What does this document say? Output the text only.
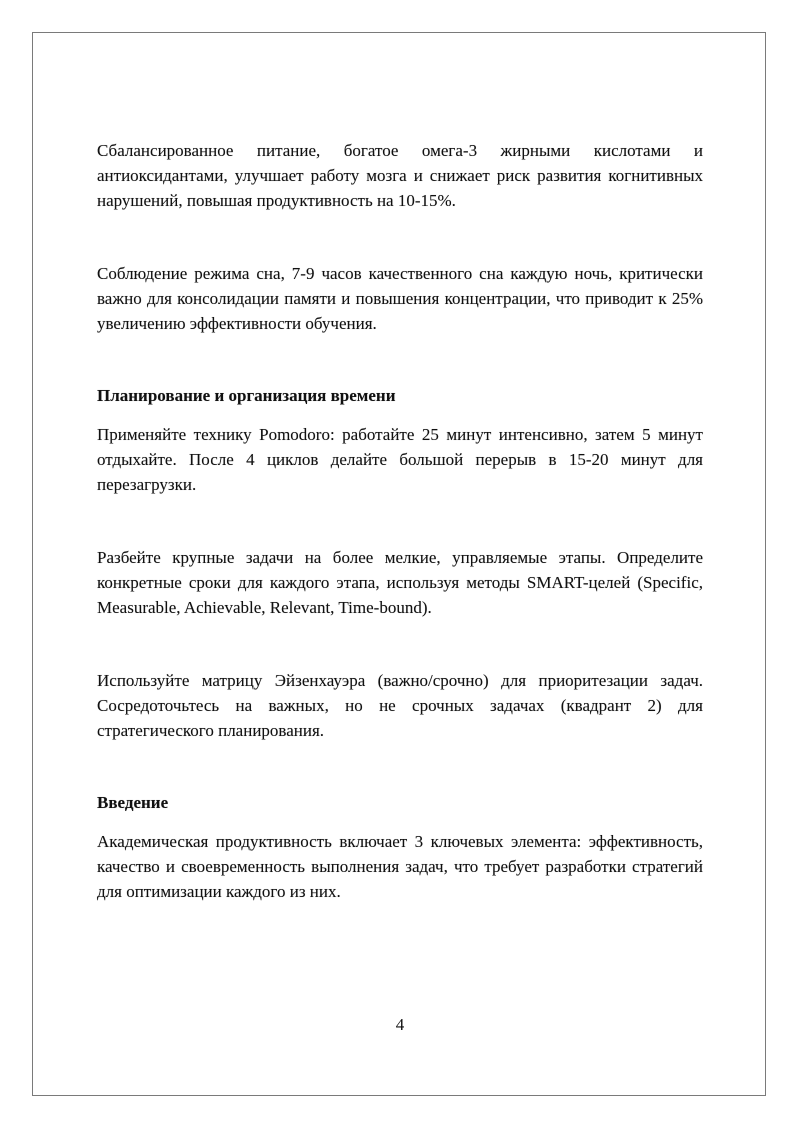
Сбалансированное питание, богатое омега-3 жирными кислотами и антиоксидантами, улучшает работу мозга и снижает риск развития когнитивных нарушений, повышая продуктивность на 10-15%.

Соблюдение режима сна, 7-9 часов качественного сна каждую ночь, критически важно для консолидации памяти и повышения концентрации, что приводит к 25% увеличению эффективности обучения.

Планирование и организация времени

Применяйте технику Pomodoro: работайте 25 минут интенсивно, затем 5 минут отдыхайте. После 4 циклов делайте большой перерыв в 15-20 минут для перезагрузки.

Разбейте крупные задачи на более мелкие, управляемые этапы. Определите конкретные сроки для каждого этапа, используя методы SMART-целей (Specific, Measurable, Achievable, Relevant, Time-bound).

Используйте матрицу Эйзенхауэра (важно/срочно) для приоритезации задач. Сосредоточьтесь на важных, но не срочных задачах (квадрант 2) для стратегического планирования.

Введение

Академическая продуктивность включает 3 ключевых элемента: эффективность, качество и своевременность выполнения задач, что требует разработки стратегий для оптимизации каждого из них.

4
